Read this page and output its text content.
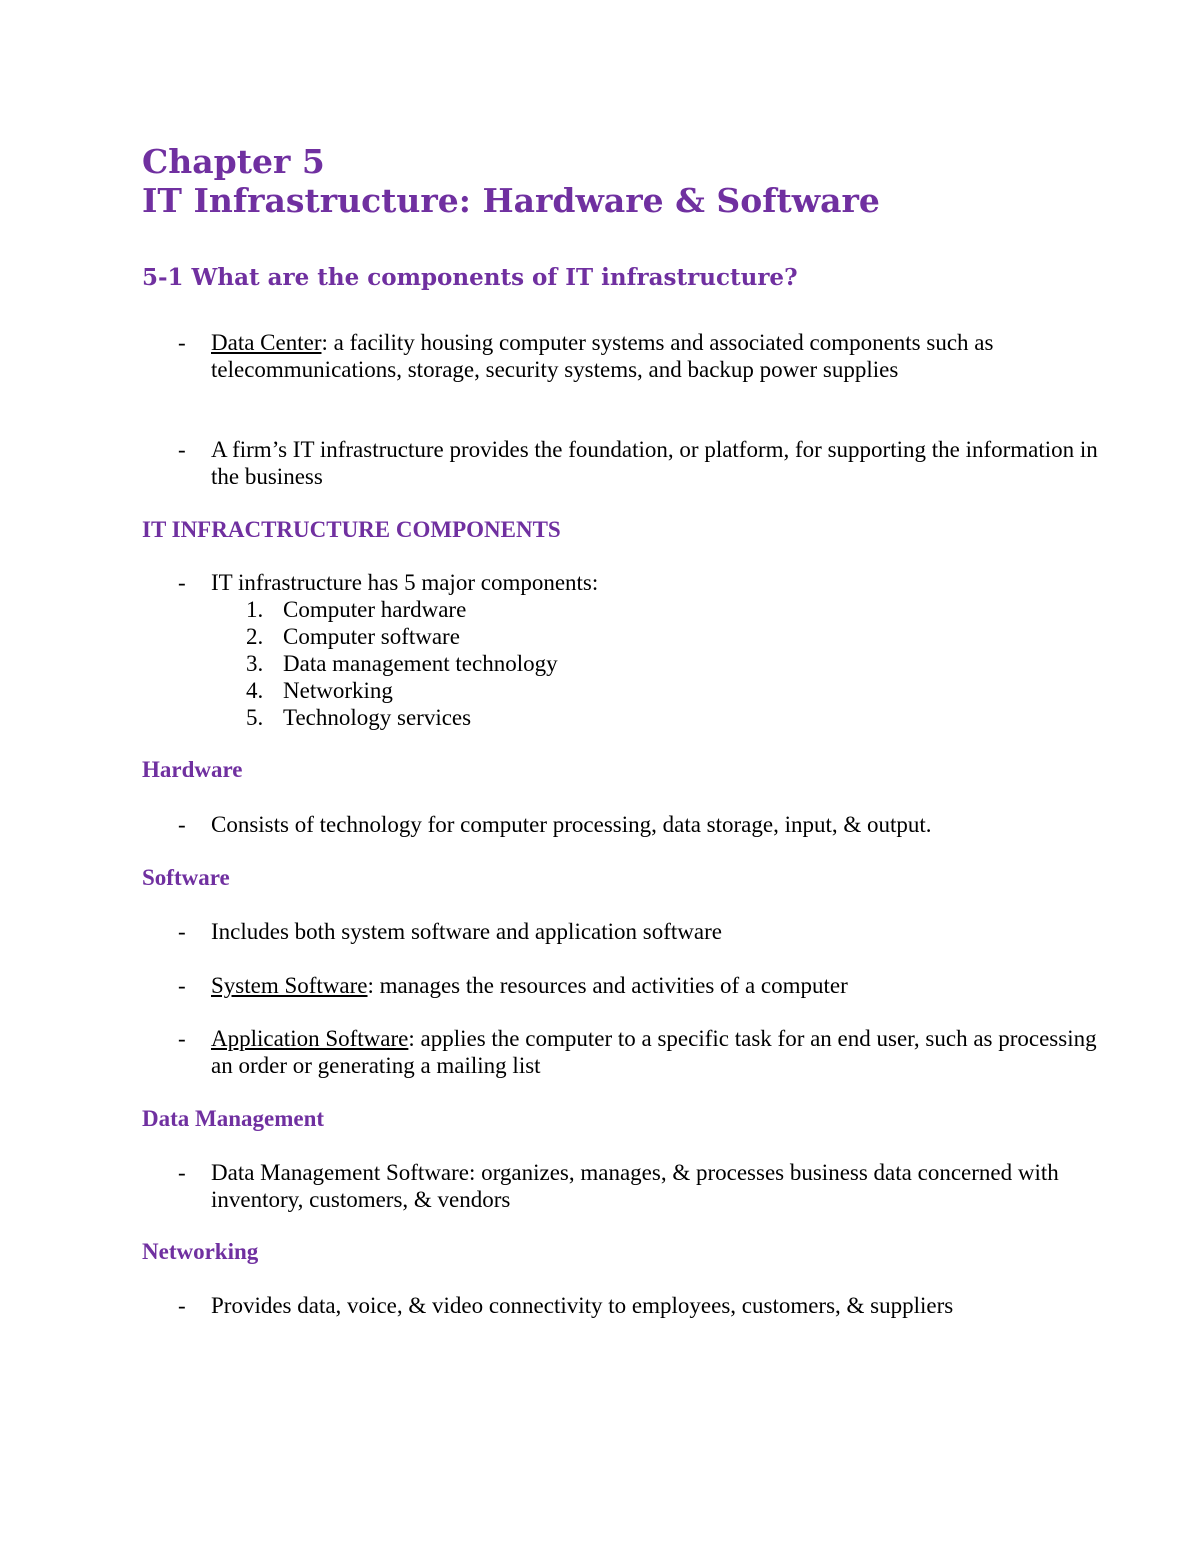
Chapter 5
IT Infrastructure: Hardware & Software
5-1 What are the components of IT infrastructure?
- Data Center: a facility housing computer systems and associated components such as telecommunications, storage, security systems, and backup power supplies
- A firm’s IT infrastructure provides the foundation, or platform, for supporting the information in the business
IT INFRACTRUCTURE COMPONENTS
- IT infrastructure has 5 major components:
1. Computer hardware
2. Computer software
3. Data management technology
4. Networking
5. Technology services
Hardware
- Consists of technology for computer processing, data storage, input, & output.
Software
- Includes both system software and application software
- System Software: manages the resources and activities of a computer
- Application Software: applies the computer to a specific task for an end user, such as processing an order or generating a mailing list
Data Management
- Data Management Software: organizes, manages, & processes business data concerned with inventory, customers, & vendors
Networking
- Provides data, voice, & video connectivity to employees, customers, & suppliers
